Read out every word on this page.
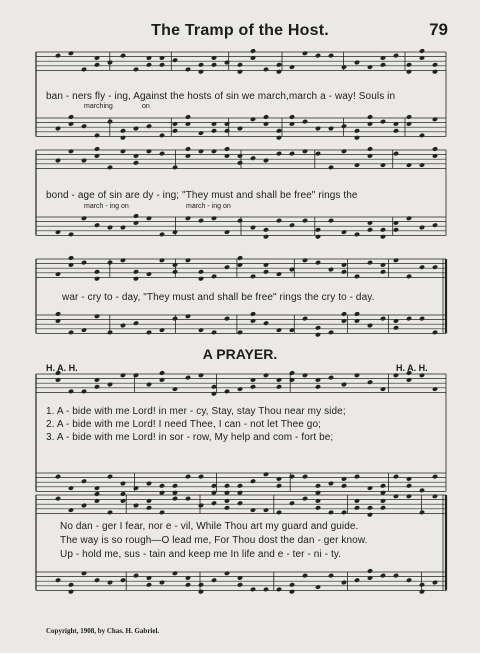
The Tramp of the Host.	79
ban - ners fly - ing, Against the hosts of sin we march,march a - way! Souls in
marching	on
bond - age of sin are dy - ing; "They must and shall be free" rings the
march - ing on	march - ing on
war - cry to - day, "They must and shall be free" rings the cry to - day.
A PRAYER.
H. A. H.	H. A. H.
1. A - bide with me Lord! in mer - cy, Stay, stay Thou near my side;
2. A - bide with me Lord! I need Thee, I can - not let Thee go;
3. A - bide with me Lord! in sor - row, My help and com - fort be;
No dan - ger I fear, nor e - vil, While Thou art my guard and guide.
The way is so rough—O lead me, For Thou dost the dan - ger know.
Up - hold me, sus - tain and keep me In life and e - ter - ni - ty.
Copyright, 1908, by Chas. H. Gabriel.
